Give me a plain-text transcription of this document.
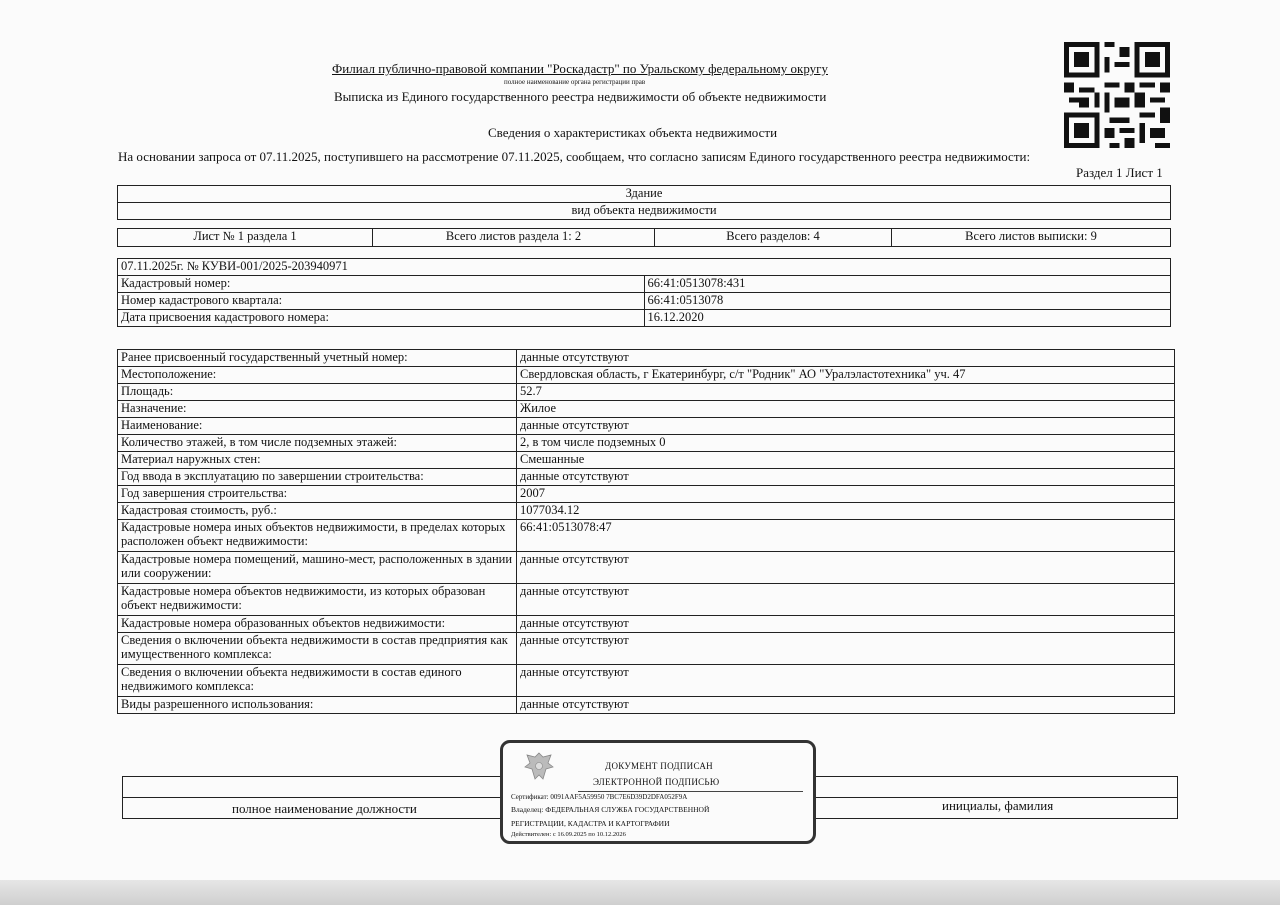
Филиал публично-правовой компании "Роскадастр" по Уральскому федеральному округу
полное наименование органа регистрации прав
Выписка из Единого государственного реестра недвижимости об объекте недвижимости
Сведения о характеристиках объекта недвижимости
На основании запроса от 07.11.2025, поступившего на рассмотрение 07.11.2025, сообщаем, что согласно записям Единого государственного реестра недвижимости:
Раздел 1 Лист 1
Здание
вид объекта недвижимости
Лист № 1 раздела 1	Всего листов раздела 1: 2	Всего разделов: 4	Всего листов выписки: 9
07.11.2025г. № КУВИ-001/2025-203940971	
Кадастровый номер:	66:41:0513078:431
Номер кадастрового квартала:	66:41:0513078
Дата присвоения кадастрового номера:	16.12.2020
Ранее присвоенный государственный учетный номер:	данные отсутствуют
Местоположение:	Свердловская область, г Екатеринбург, с/т "Родник" АО "Уралэластотехника" уч. 47
Площадь:	52.7
Назначение:	Жилое
Наименование:	данные отсутствуют
Количество этажей, в том числе подземных этажей:	2, в том числе подземных 0
Материал наружных стен:	Смешанные
Год ввода в эксплуатацию по завершении строительства:	данные отсутствуют
Год завершения строительства:	2007
Кадастровая стоимость, руб.:	1077034.12
Кадастровые номера иных объектов недвижимости, в пределах которых расположен объект недвижимости:	66:41:0513078:47
Кадастровые номера помещений, машино-мест, расположенных в здании или сооружении:	данные отсутствуют
Кадастровые номера объектов недвижимости, из которых образован объект недвижимости:	данные отсутствуют
Кадастровые номера образованных объектов недвижимости:	данные отсутствуют
Сведения о включении объекта недвижимости в состав предприятия как имущественного комплекса:	данные отсутствуют
Сведения о включении объекта недвижимости в состав единого недвижимого комплекса:	данные отсутствуют
Виды разрешенного использования:	данные отсутствуют
полное наименование должности	инициалы, фамилия
ДОКУМЕНТ ПОДПИСАН
ЭЛЕКТРОННОЙ ПОДПИСЬЮ
Сертификат: 0091AAF5A59950 7BC7E6D39D2DFA052F9A
Владелец: ФЕДЕРАЛЬНАЯ СЛУЖБА ГОСУДАРСТВЕННОЙ
РЕГИСТРАЦИИ, КАДАСТРА И КАРТОГРАФИИ
Действителен: с 16.09.2025 по 10.12.2026
